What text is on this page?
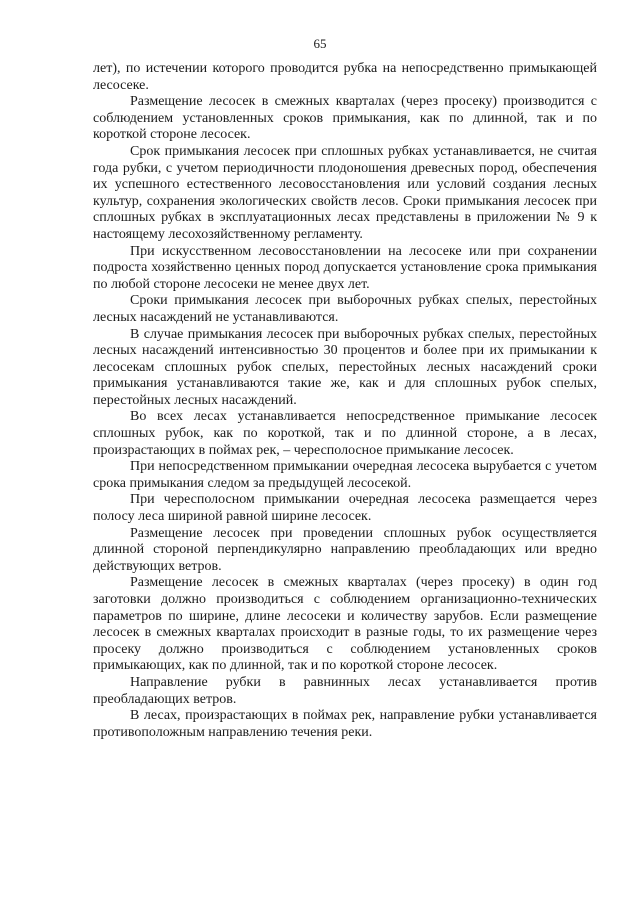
65

лет), по истечении которого проводится рубка на непосредственно примыкающей лесосеке.

Размещение лесосек в смежных кварталах (через просеку) производится с соблюдением установленных сроков примыкания, как по длинной, так и по короткой стороне лесосек.

Срок примыкания лесосек при сплошных рубках устанавливается, не считая года рубки, с учетом периодичности плодоношения древесных пород, обеспечения их успешного естественного лесовосстановления или условий создания лесных культур, сохранения экологических свойств лесов. Сроки примыкания лесосек при сплошных рубках в эксплуатационных лесах представлены в приложении № 9 к настоящему лесохозяйственному регламенту.

При искусственном лесовосстановлении на лесосеке или при сохранении подроста хозяйственно ценных пород допускается установление срока примыкания по любой стороне лесосеки не менее двух лет.

Сроки примыкания лесосек при выборочных рубках спелых, перестойных лесных насаждений не устанавливаются.

В случае примыкания лесосек при выборочных рубках спелых, перестойных лесных насаждений интенсивностью 30 процентов и более при их примыкании к лесосекам сплошных рубок спелых, перестойных лесных насаждений сроки примыкания устанавливаются такие же, как и для сплошных рубок спелых, перестойных лесных насаждений.

Во всех лесах устанавливается непосредственное примыкание лесосек сплошных рубок, как по короткой, так и по длинной стороне, а в лесах, произрастающих в поймах рек, – чересполосное примыкание лесосек.

При непосредственном примыкании очередная лесосека вырубается с учетом срока примыкания следом за предыдущей лесосекой.

При чересполосном примыкании очередная лесосека размещается через полосу леса шириной равной ширине лесосек.

Размещение лесосек при проведении сплошных рубок осуществляется длинной стороной перпендикулярно направлению преобладающих или вредно действующих ветров.

Размещение лесосек в смежных кварталах (через просеку) в один год заготовки должно производиться с соблюдением организационно-технических параметров по ширине, длине лесосеки и количеству зарубов. Если размещение лесосек в смежных кварталах происходит в разные годы, то их размещение через просеку должно производиться с соблюдением установленных сроков примыкающих, как по длинной, так и по короткой стороне лесосек.

Направление рубки в равнинных лесах устанавливается против преобладающих ветров.

В лесах, произрастающих в поймах рек, направление рубки устанавливается противоположным направлению течения реки.
